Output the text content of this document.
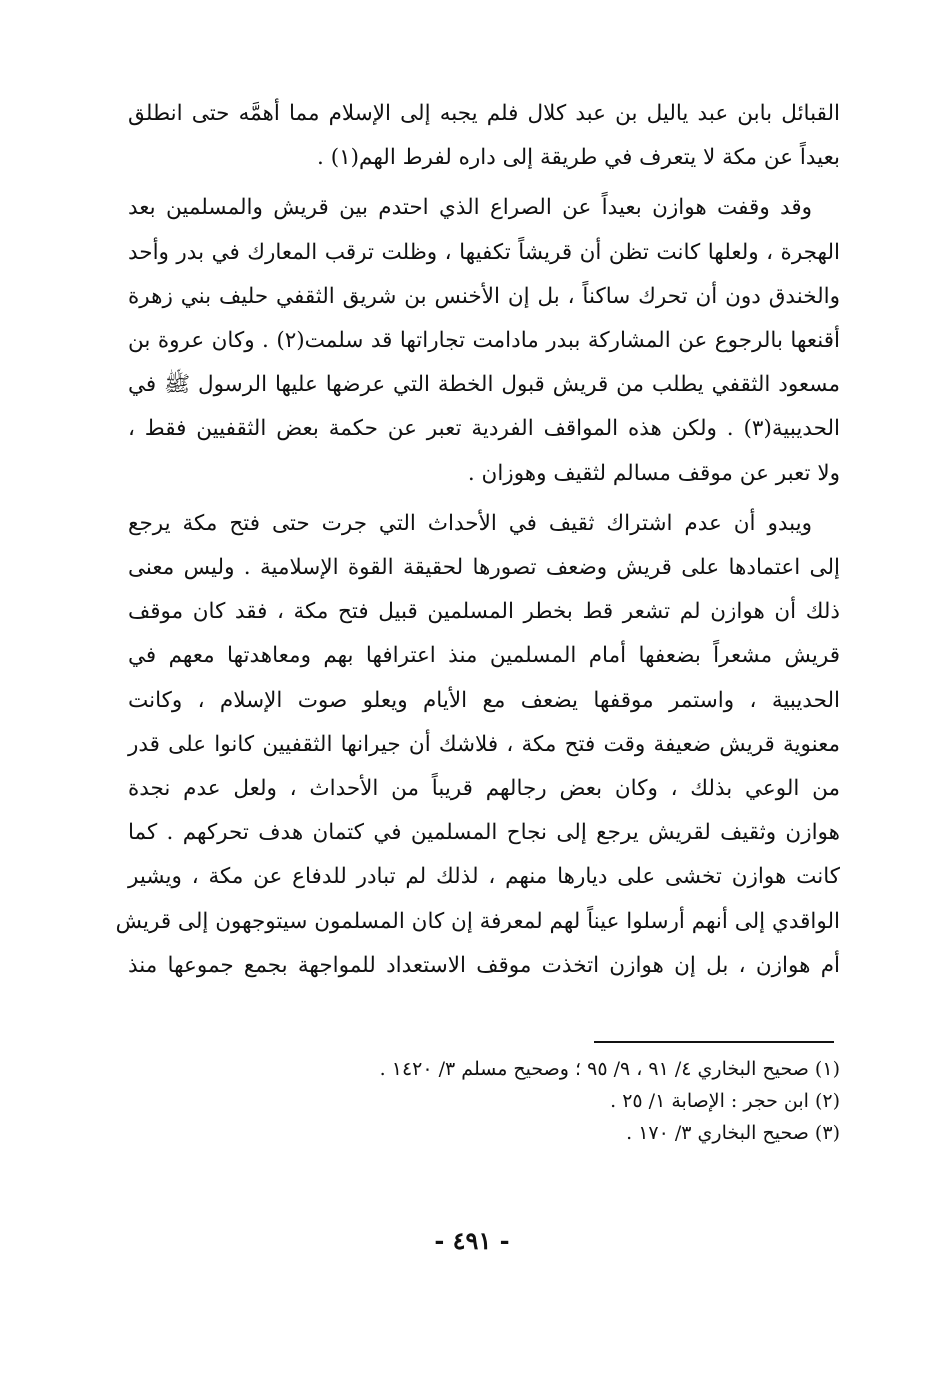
القبائل بابن عبد ياليل بن عبد كلال فلم يجبه إلى الإسلام مما أهمَّه حتى انطلق
بعيداً عن مكة لا يتعرف في طريقة إلى داره لفرط الهم(١) .

وقد وقفت هوازن بعيداً عن الصراع الذي احتدم بين قريش والمسلمين بعد
الهجرة ، ولعلها كانت تظن أن قريشاً تكفيها ، وظلت ترقب المعارك في بدر وأحد
والخندق دون أن تحرك ساكناً ، بل إن الأخنس بن شريق الثقفي حليف بني زهرة
أقنعها بالرجوع عن المشاركة ببدر مادامت تجاراتها قد سلمت(٢) . وكان عروة بن
مسعود الثقفي يطلب من قريش قبول الخطة التي عرضها عليها الرسول ﷺ في
الحديبية(٣) . ولكن هذه المواقف الفردية تعبر عن حكمة بعض الثقفيين فقط ،
ولا تعبر عن موقف مسالم لثقيف وهوزان .

ويبدو أن عدم اشتراك ثقيف في الأحداث التي جرت حتى فتح مكة يرجع
إلى اعتمادها على قريش وضعف تصورها لحقيقة القوة الإسلامية . وليس معنى
ذلك أن هوازن لم تشعر قط بخطر المسلمين قبيل فتح مكة ، فقد كان موقف
قريش مشعراً بضعفها أمام المسلمين منذ اعترافها بهم ومعاهدتها معهم في
الحديبية ، واستمر موقفها يضعف مع الأيام ويعلو صوت الإسلام ، وكانت
معنوية قريش ضعيفة وقت فتح مكة ، فلاشك أن جيرانها الثقفيين كانوا على قدر
من الوعي بذلك ، وكان بعض رجالهم قريباً من الأحداث ، ولعل عدم نجدة
هوازن وثقيف لقريش يرجع إلى نجاح المسلمين في كتمان هدف تحركهم . كما
كانت هوازن تخشى على ديارها منهم ، لذلك لم تبادر للدفاع عن مكة ، ويشير
الواقدي إلى أنهم أرسلوا عيناً لهم لمعرفة إن كان المسلمون سيتوجهون إلى قريش
أم هوازن ، بل إن هوازن اتخذت موقف الاستعداد للمواجهة بجمع جموعها منذ

(١) صحيح البخاري ٤/ ٩١ ، ٩/ ٩٥ ؛ وصحيح مسلم ٣/ ١٤٢٠ .
(٢) ابن حجر : الإصابة ١/ ٢٥ .
(٣) صحيح البخاري ٣/ ١٧٠ .
- ٤٩١ -
